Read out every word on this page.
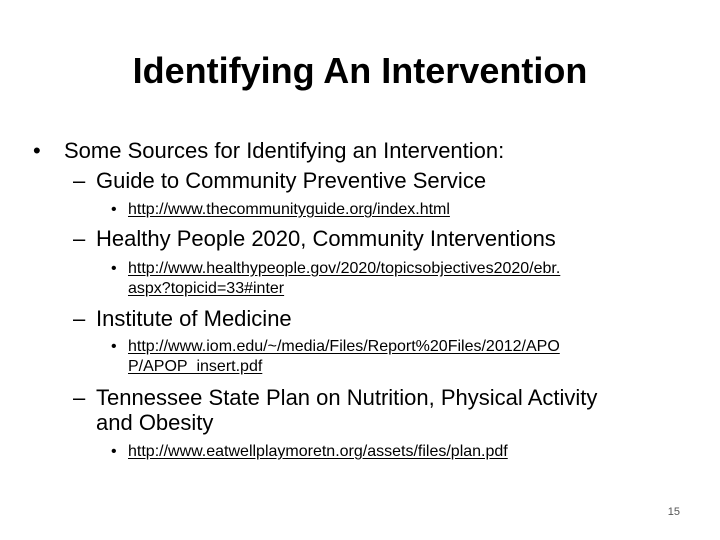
Identifying An Intervention
• Some Sources for Identifying an Intervention:
– Guide to Community Preventive Service
• http://www.thecommunityguide.org/index.html
– Healthy People 2020, Community Interventions
• http://www.healthypeople.gov/2020/topicsobjectives2020/ebr.
aspx?topicid=33#inter
– Institute of Medicine
• http://www.iom.edu/~/media/Files/Report%20Files/2012/APO
P/APOP_insert.pdf
– Tennessee State Plan on Nutrition, Physical Activity
and Obesity
• http://www.eatwellplaymoretn.org/assets/files/plan.pdf
15
